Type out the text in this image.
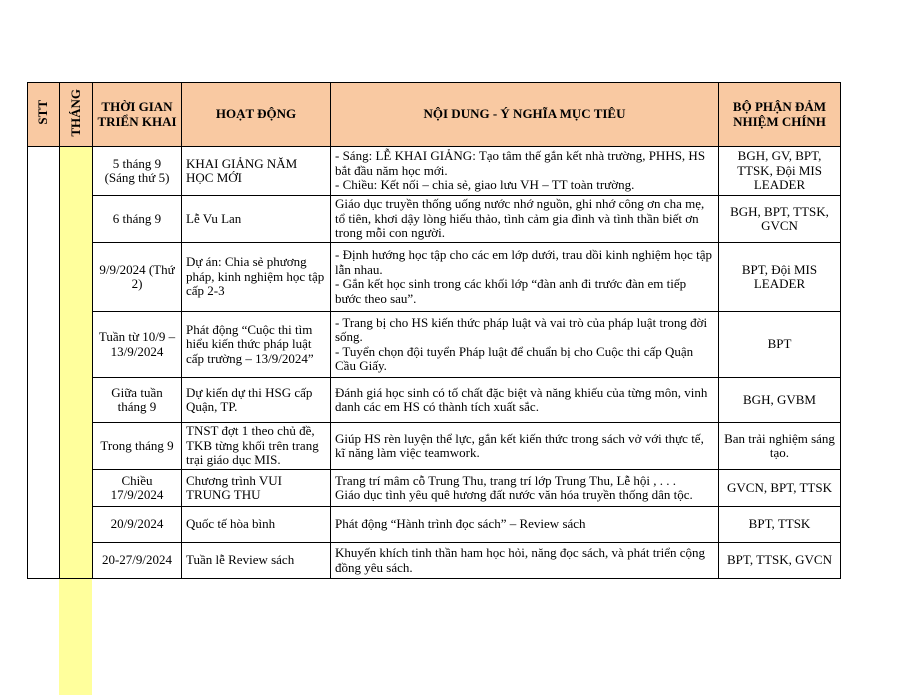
STT	THÁNG	THỜI GIAN TRIỂN KHAI	HOẠT ĐỘNG	NỘI DUNG - Ý NGHĨA MỤC TIÊU	BỘ PHẬN ĐẢM NHIỆM CHÍNH
		5 tháng 9 (Sáng thứ 5)	KHAI GIẢNG NĂM HỌC MỚI	- Sáng: LỄ KHAI GIẢNG: Tạo tâm thế gắn kết nhà trường, PHHS, HS bắt đầu năm học mới.
- Chiều: Kết nối – chia sẻ, giao lưu VH – TT toàn trường.	BGH, GV, BPT, TTSK, Đội MIS LEADER
		6 tháng 9	Lễ Vu Lan	Giáo dục truyền thống uống nước nhớ nguồn, ghi nhớ công ơn cha mẹ, tổ tiên, khơi dậy lòng hiếu thảo, tình cảm gia đình và tình thần biết ơn trong mỗi con người.	BGH, BPT, TTSK, GVCN
		9/9/2024 (Thứ 2)	Dự án: Chia sẻ phương pháp, kinh nghiệm học tập cấp 2-3	- Định hướng học tập cho các em lớp dưới, trau dồi kinh nghiệm học tập lẫn nhau.
- Gắn kết học sinh trong các khối lớp “đàn anh đi trước đàn em tiếp bước theo sau”.	BPT, Đội MIS LEADER
		Tuần từ 10/9 – 13/9/2024	Phát động “Cuộc thi tìm hiểu kiến thức pháp luật cấp trường – 13/9/2024”	- Trang bị cho HS kiến thức pháp luật và vai trò của pháp luật trong đời sống.
- Tuyển chọn đội tuyển Pháp luật để chuẩn bị cho Cuộc thi cấp Quận Cầu Giấy.	BPT
		Giữa tuần tháng 9	Dự kiến dự thi HSG cấp Quận, TP.	Đánh giá học sinh có tố chất đặc biệt và năng khiếu của từng môn, vinh danh các em HS có thành tích xuất sắc.	BGH, GVBM
		Trong tháng 9	TNST đợt 1 theo chủ đề, TKB từng khối trên trang trại giáo dục MIS.	Giúp HS rèn luyện thể lực, gắn kết kiến thức trong sách vở với thực tế, kĩ năng làm việc teamwork.	Ban trải nghiệm sáng tạo.
		Chiều 17/9/2024	Chương trình VUI TRUNG THU	Trang trí mâm cỗ Trung Thu, trang trí lớp Trung Thu, Lễ hội , . . .
Giáo dục tình yêu quê hương đất nước văn hóa truyền thống dân tộc.	GVCN, BPT, TTSK
		20/9/2024	Quốc tế hòa bình	Phát động “Hành trình đọc sách” – Review sách	BPT, TTSK
		20-27/9/2024	Tuần lễ Review sách	Khuyến khích tinh thần ham học hỏi, năng đọc sách, và phát triển cộng đồng yêu sách.	BPT, TTSK, GVCN
